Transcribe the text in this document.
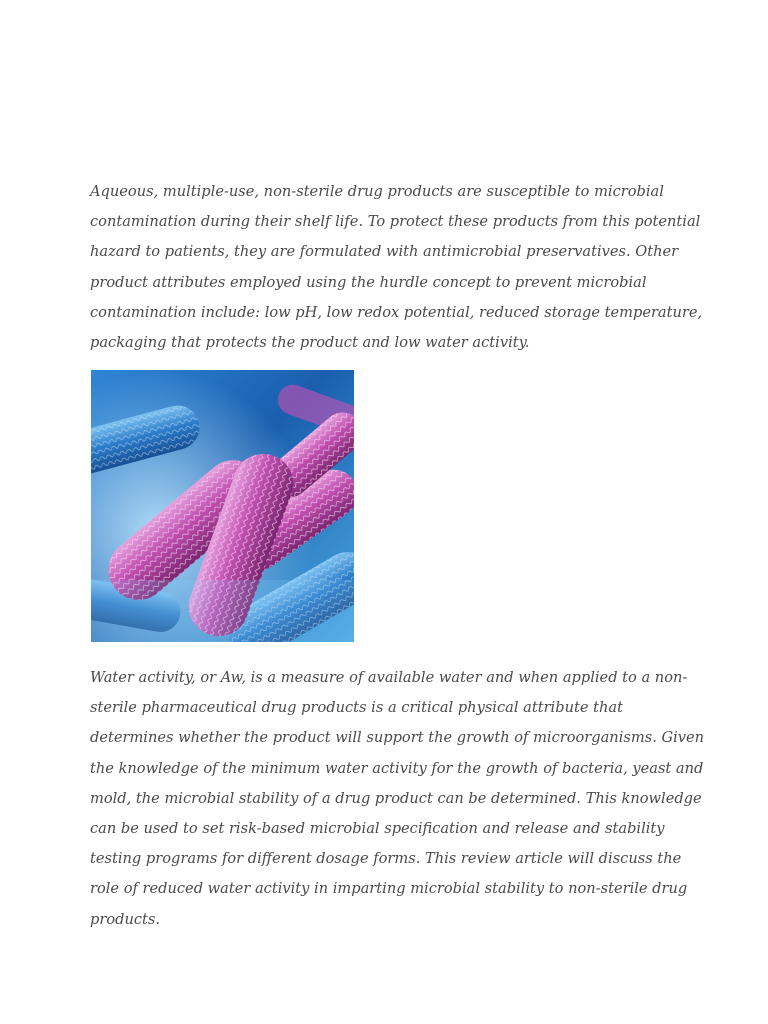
Aqueous, multiple-use, non-sterile drug products are susceptible to microbial
contamination during their shelf life. To protect these products from this potential
hazard to patients, they are formulated with antimicrobial preservatives. Other
product attributes employed using the hurdle concept to prevent microbial
contamination include: low pH, low redox potential, reduced storage temperature,
packaging that protects the product and low water activity.

Water activity, or Aw, is a measure of available water and when applied to a non-
sterile pharmaceutical drug products is a critical physical attribute that
determines whether the product will support the growth of microorganisms. Given
the knowledge of the minimum water activity for the growth of bacteria, yeast and
mold, the microbial stability of a drug product can be determined. This knowledge
can be used to set risk-based microbial specification and release and stability
testing programs for different dosage forms. This review article will discuss the
role of reduced water activity in imparting microbial stability to non-sterile drug
products.
